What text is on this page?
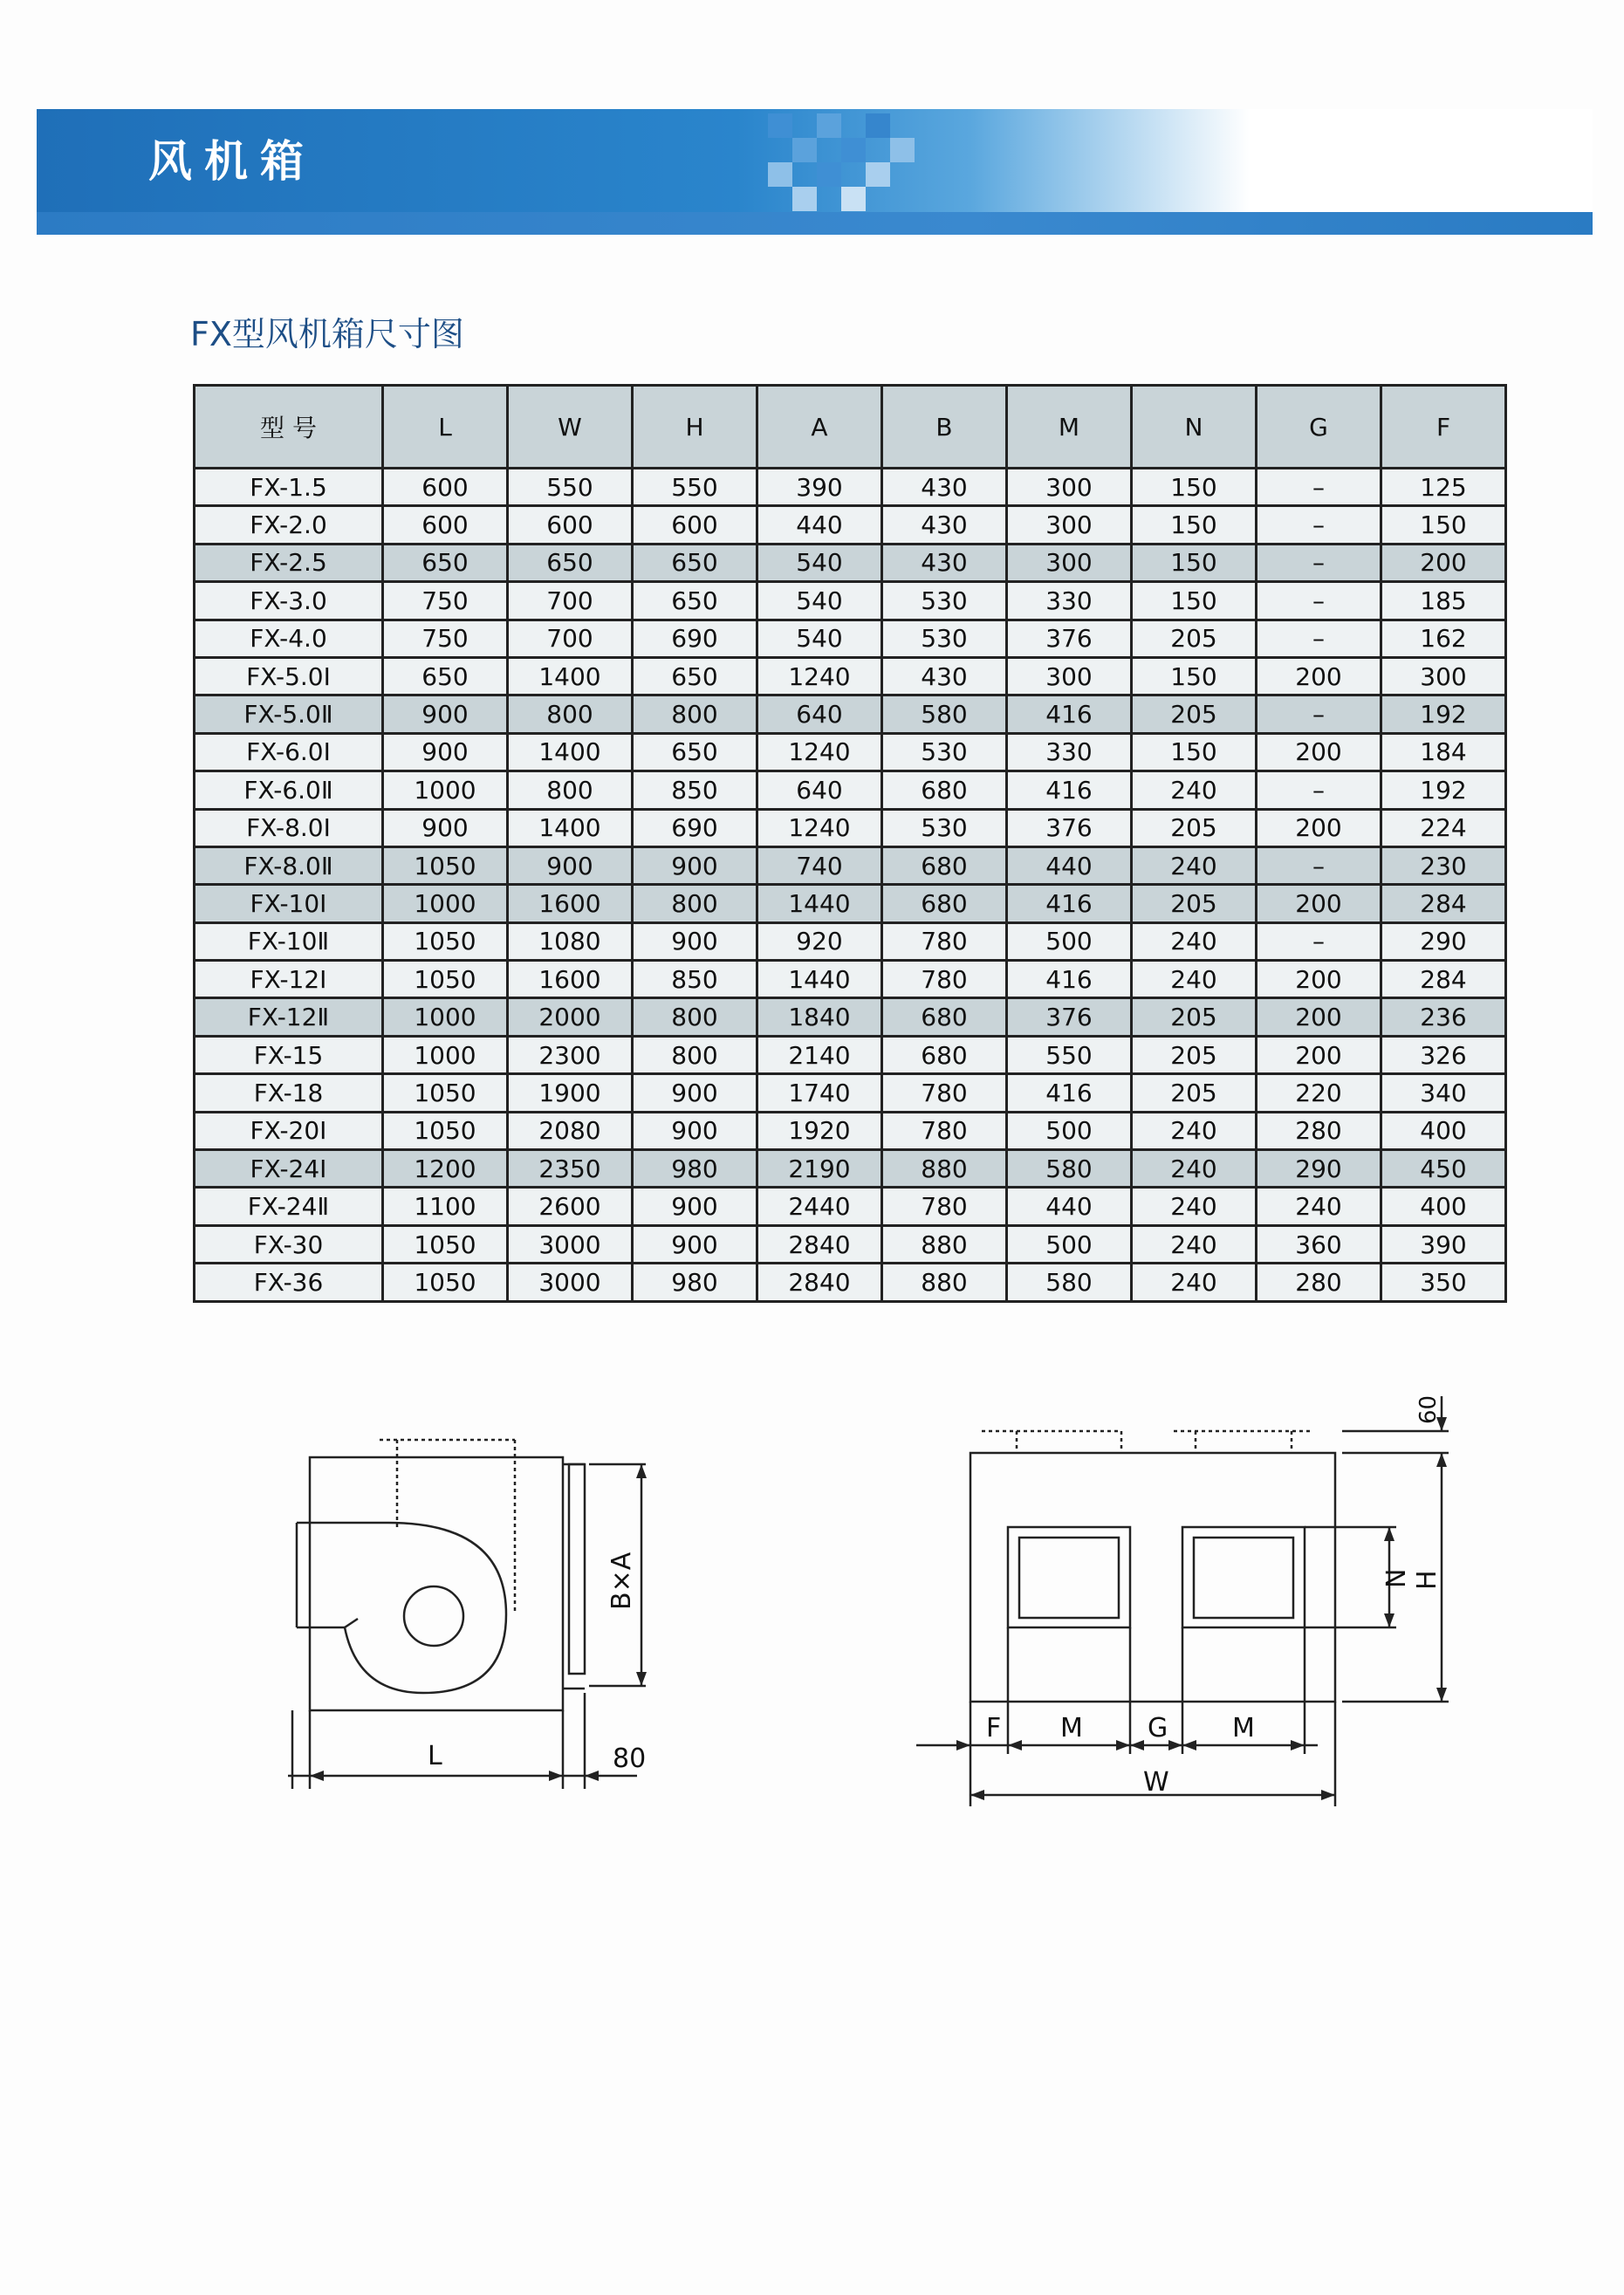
风机箱
FX型风机箱尺寸图
型 号	L	W	H	A	B	M	N	G	F
FX-1.5	600	550	550	390	430	300	150	–	125
FX-2.0	600	600	600	440	430	300	150	–	150
FX-2.5	650	650	650	540	430	300	150	–	200
FX-3.0	750	700	650	540	530	330	150	–	185
FX-4.0	750	700	690	540	530	376	205	–	162
FX-5.0Ⅰ	650	1400	650	1240	430	300	150	200	300
FX-5.0Ⅱ	900	800	800	640	580	416	205	–	192
FX-6.0Ⅰ	900	1400	650	1240	530	330	150	200	184
FX-6.0Ⅱ	1000	800	850	640	680	416	240	–	192
FX-8.0Ⅰ	900	1400	690	1240	530	376	205	200	224
FX-8.0Ⅱ	1050	900	900	740	680	440	240	–	230
FX-10Ⅰ	1000	1600	800	1440	680	416	205	200	284
FX-10Ⅱ	1050	1080	900	920	780	500	240	–	290
FX-12Ⅰ	1050	1600	850	1440	780	416	240	200	284
FX-12Ⅱ	1000	2000	800	1840	680	376	205	200	236
FX-15	1000	2300	800	2140	680	550	205	200	326
FX-18	1050	1900	900	1740	780	416	205	220	340
FX-20Ⅰ	1050	2080	900	1920	780	500	240	280	400
FX-24Ⅰ	1200	2350	980	2190	880	580	240	290	450
FX-24Ⅱ	1100	2600	900	2440	780	440	240	240	400
FX-30	1050	3000	900	2840	880	500	240	360	390
FX-36	1050	3000	980	2840	880	580	240	280	350
L	80
B×A
F M G M
W
N H
60
